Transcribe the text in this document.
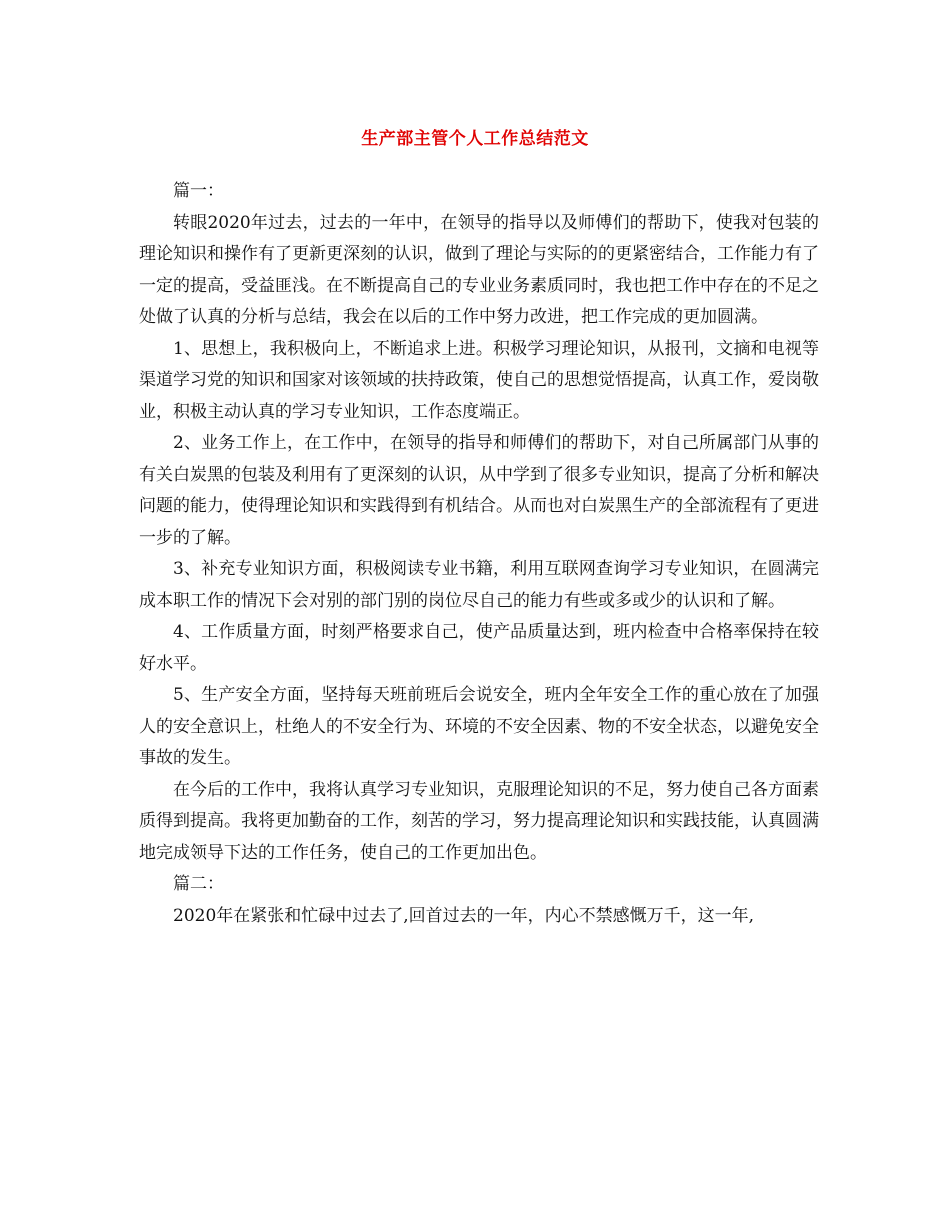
生产部主管个人工作总结范文

篇一：

转眼2020年过去，过去的一年中，在领导的指导以及师傅们的帮助下，使我对包装的理论知识和操作有了更新更深刻的认识，做到了理论与实际的的更紧密结合，工作能力有了一定的提高，受益匪浅。在不断提高自己的专业业务素质同时，我也把工作中存在的不足之处做了认真的分析与总结，我会在以后的工作中努力改进，把工作完成的更加圆满。

1、思想上，我积极向上，不断追求上进。积极学习理论知识，从报刊，文摘和电视等渠道学习党的知识和国家对该领域的扶持政策，使自己的思想觉悟提高，认真工作，爱岗敬业，积极主动认真的学习专业知识，工作态度端正。

2、业务工作上，在工作中，在领导的指导和师傅们的帮助下，对自己所属部门从事的有关白炭黑的包装及利用有了更深刻的认识，从中学到了很多专业知识，提高了分析和解决问题的能力，使得理论知识和实践得到有机结合。从而也对白炭黑生产的全部流程有了更进一步的了解。

3、补充专业知识方面，积极阅读专业书籍，利用互联网查询学习专业知识，在圆满完成本职工作的情况下会对别的部门别的岗位尽自己的能力有些或多或少的认识和了解。

4、工作质量方面，时刻严格要求自己，使产品质量达到，班内检查中合格率保持在较好水平。

5、生产安全方面，坚持每天班前班后会说安全，班内全年安全工作的重心放在了加强人的安全意识上，杜绝人的不安全行为、环境的不安全因素、物的不安全状态，以避免安全事故的发生。

在今后的工作中，我将认真学习专业知识，克服理论知识的不足，努力使自己各方面素质得到提高。我将更加勤奋的工作，刻苦的学习，努力提高理论知识和实践技能，认真圆满地完成领导下达的工作任务，使自己的工作更加出色。

篇二：

2020年在紧张和忙碌中过去了,回首过去的一年，内心不禁感慨万千，这一年,
